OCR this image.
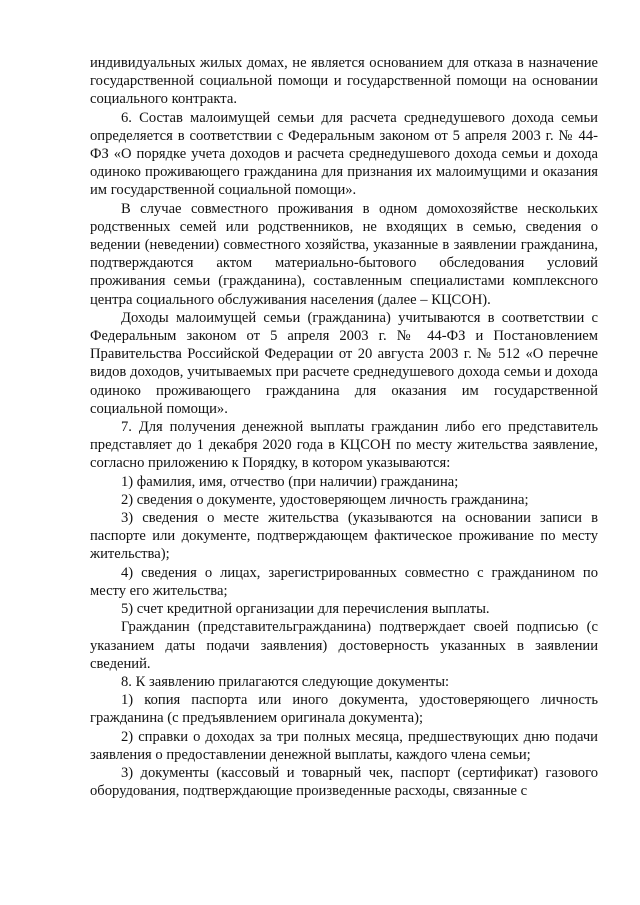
индивидуальных жилых домах, не является основанием для отказа в назначение государственной социальной помощи и государственной помощи на основании социального контракта.

6. Состав малоимущей семьи для расчета среднедушевого дохода семьи определяется в соответствии с Федеральным законом от 5 апреля 2003 г. № 44-ФЗ «О порядке учета доходов и расчета среднедушевого дохода семьи и дохода одиноко проживающего гражданина для признания их малоимущими и оказания им государственной социальной помощи».

В случае совместного проживания в одном домохозяйстве нескольких родственных семей или родственников, не входящих в семью, сведения о ведении (неведении) совместного хозяйства, указанные в заявлении гражданина, подтверждаются актом материально-бытового обследования условий проживания семьи (гражданина), составленным специалистами комплексного центра социального обслуживания населения (далее – КЦСОН).

Доходы малоимущей семьи (гражданина) учитываются в соответствии с Федеральным законом от 5 апреля 2003 г. № 44-ФЗ и Постановлением Правительства Российской Федерации от 20 августа 2003 г. № 512 «О перечне видов доходов, учитываемых при расчете среднедушевого дохода семьи и дохода одиноко проживающего гражданина для оказания им государственной социальной помощи».

7. Для получения денежной выплаты гражданин либо его представитель представляет до 1 декабря 2020 года в КЦСОН по месту жительства заявление, согласно приложению к Порядку, в котором указываются:

1) фамилия, имя, отчество (при наличии) гражданина;

2) сведения о документе, удостоверяющем личность гражданина;

3) сведения о месте жительства (указываются на основании записи в паспорте или документе, подтверждающем фактическое проживание по месту жительства);

4) сведения о лицах, зарегистрированных совместно с гражданином по месту его жительства;

5) счет кредитной организации для перечисления выплаты.

Гражданин (представительгражданина) подтверждает своей подписью (с указанием даты подачи заявления) достоверность указанных в заявлении сведений.

8. К заявлению прилагаются следующие документы:

1) копия паспорта или иного документа, удостоверяющего личность гражданина (с предъявлением оригинала документа);

2) справки о доходах за три полных месяца, предшествующих дню подачи заявления о предоставлении денежной выплаты, каждого члена семьи;

3) документы (кассовый и товарный чек, паспорт (сертификат) газового оборудования, подтверждающие произведенные расходы, связанные с
